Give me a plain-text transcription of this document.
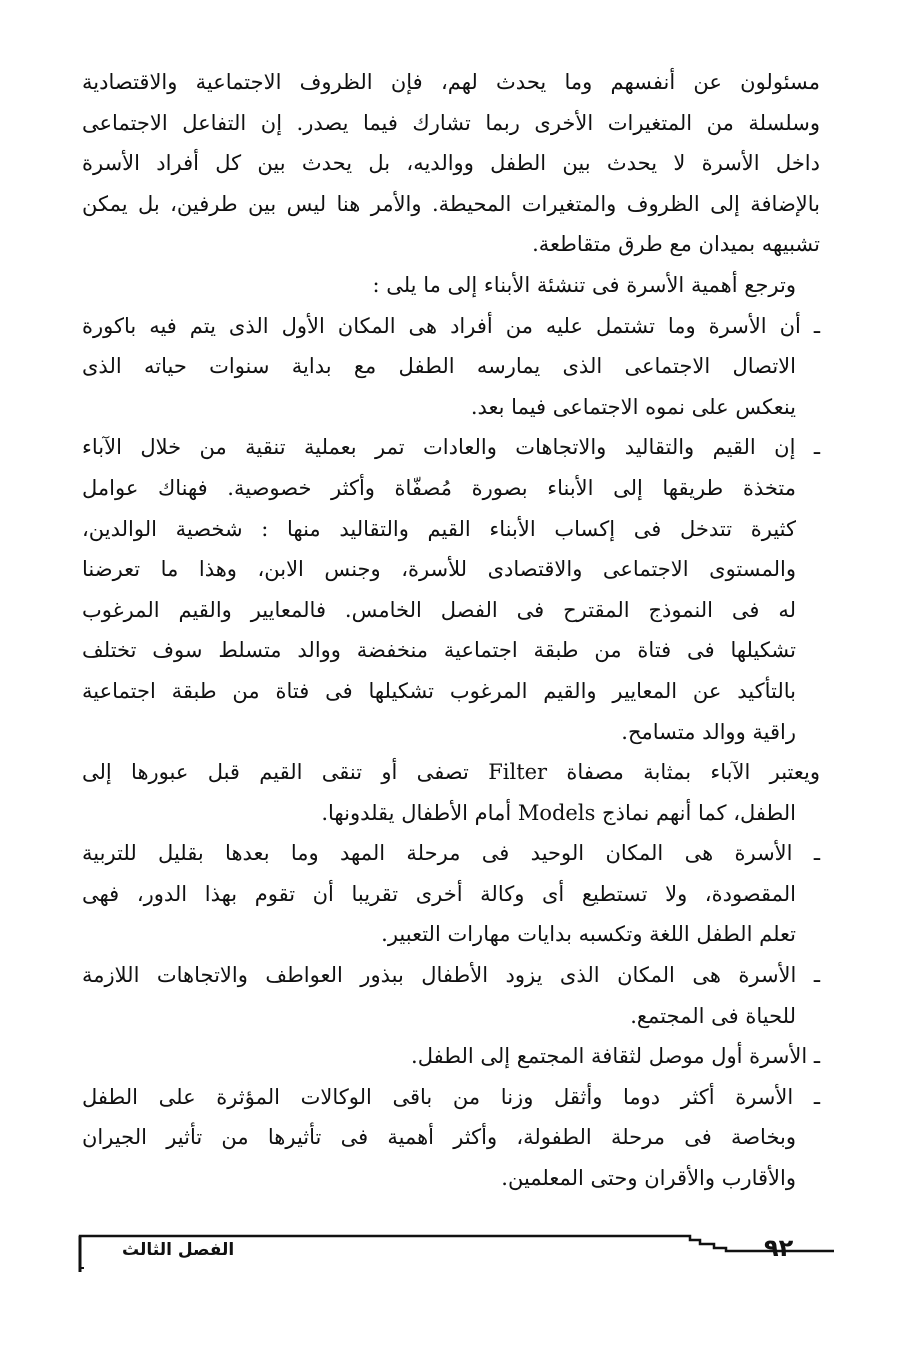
مسئولون عن أنفسهم وما يحدث لهم، فإن الظروف الاجتماعية والاقتصادية
وسلسلة من المتغيرات الأخرى ربما تشارك فيما يصدر. إن التفاعل الاجتماعى
داخل الأسرة لا يحدث بين الطفل ووالديه، بل يحدث بين كل أفراد الأسرة
بالإضافة إلى الظروف والمتغيرات المحيطة. والأمر هنا ليس بين طرفين، بل يمكن
تشبيهه بميدان مع طرق متقاطعة.
وترجع أهمية الأسرة فى تنشئة الأبناء إلى ما يلى :
ـ أن الأسرة وما تشتمل عليه من أفراد هى المكان الأول الذى يتم فيه باكورة
الاتصال الاجتماعى الذى يمارسه الطفل مع بداية سنوات حياته الذى
ينعكس على نموه الاجتماعى فيما بعد.
ـ إن القيم والتقاليد والاتجاهات والعادات تمر بعملية تنقية من خلال الآباء
متخذة طريقها إلى الأبناء بصورة مُصفّاة وأكثر خصوصية. فهناك عوامل
كثيرة تتدخل فى إكساب الأبناء القيم والتقاليد منها : شخصية الوالدين،
والمستوى الاجتماعى والاقتصادى للأسرة، وجنس الابن، وهذا ما تعرضنا
له فى النموذج المقترح فى الفصل الخامس. فالمعايير والقيم المرغوب
تشكيلها فى فتاة من طبقة اجتماعية منخفضة ووالد متسلط سوف تختلف
بالتأكيد عن المعايير والقيم المرغوب تشكيلها فى فتاة من طبقة اجتماعية
راقية ووالد متسامح.
ويعتبر الآباء بمثابة مصفاة Filter تصفى أو تنقى القيم قبل عبورها إلى
الطفل، كما أنهم نماذج Models أمام الأطفال يقلدونها.
ـ الأسرة هى المكان الوحيد فى مرحلة المهد وما بعدها بقليل للتربية
المقصودة، ولا تستطيع أى وكالة أخرى تقريبا أن تقوم بهذا الدور، فهى
تعلم الطفل اللغة وتكسبه بدايات مهارات التعبير.
ـ الأسرة هى المكان الذى يزود الأطفال ببذور العواطف والاتجاهات اللازمة
للحياة فى المجتمع.
ـ الأسرة أول موصل لثقافة المجتمع إلى الطفل.
ـ الأسرة أكثر دوما وأثقل وزنا من باقى الوكالات المؤثرة على الطفل
وبخاصة فى مرحلة الطفولة، وأكثر أهمية فى تأثيرها من تأثير الجيران
والأقارب والأقران وحتى المعلمين.
الفصل الثالث	٩٢
